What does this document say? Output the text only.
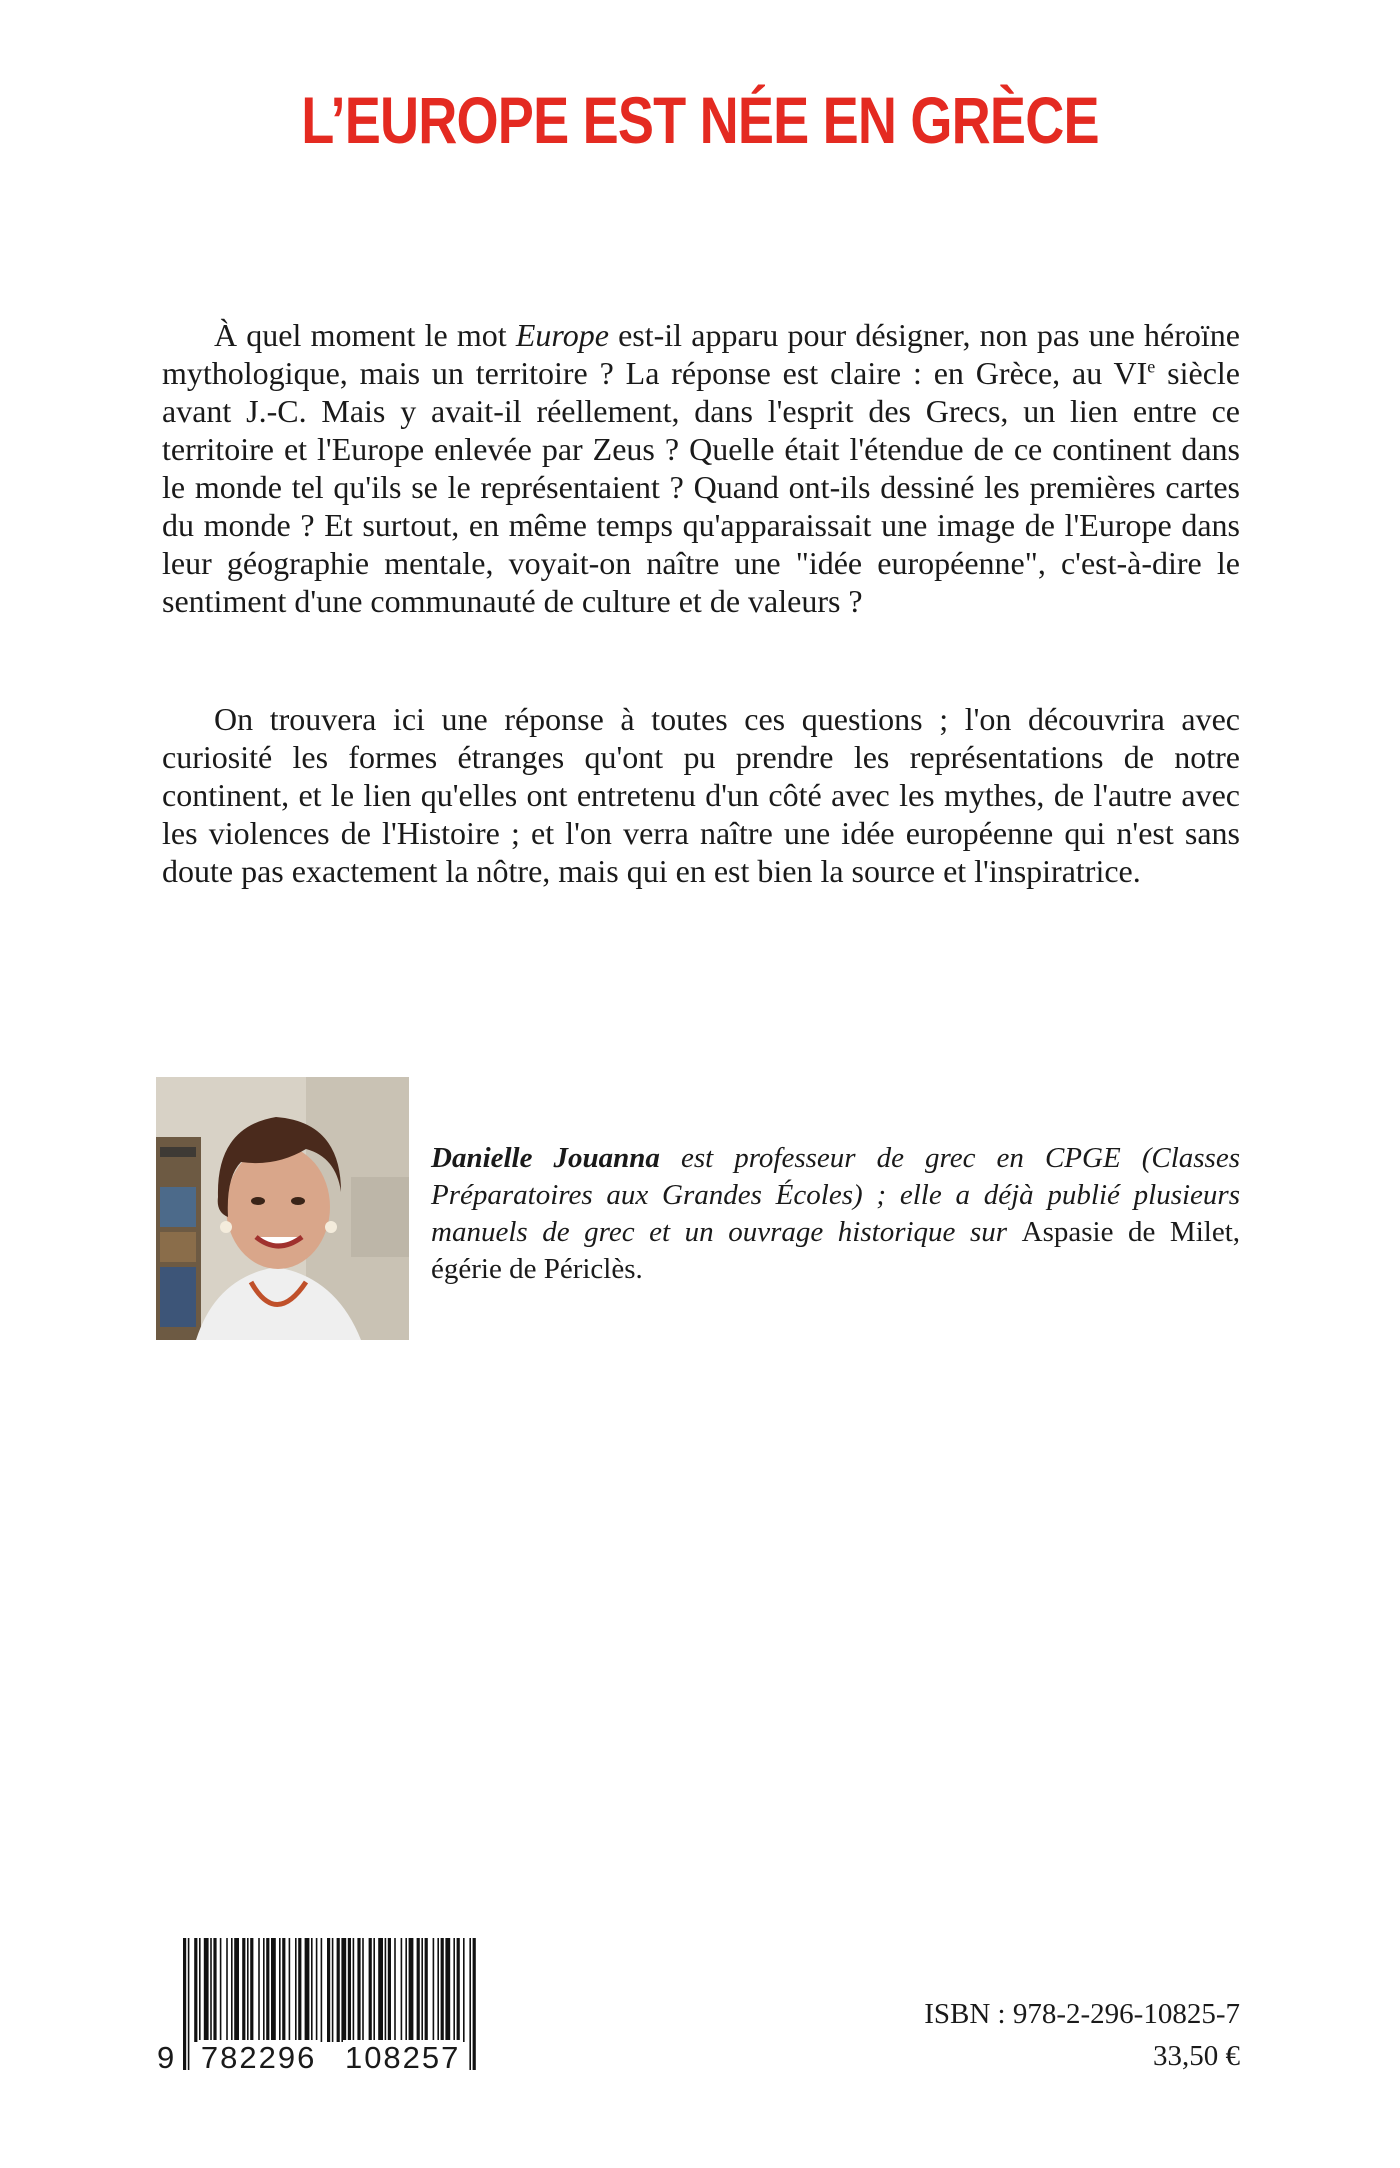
L’EUROPE EST NÉE EN GRÈCE

À quel moment le mot Europe est-il apparu pour désigner, non pas une héroïne mythologique, mais un territoire ? La réponse est claire : en Grèce, au VIe siècle avant J.-C. Mais y avait-il réellement, dans l'esprit des Grecs, un lien entre ce territoire et l'Europe enlevée par Zeus ? Quelle était l'étendue de ce continent dans le monde tel qu'ils se le représentaient ? Quand ont-ils dessiné les premières cartes du monde ? Et surtout, en même temps qu'apparaissait une image de l'Europe dans leur géographie mentale, voyait-on naître une "idée européenne", c'est-à-dire le sentiment d'une communauté de culture et de valeurs ?

On trouvera ici une réponse à toutes ces questions ; l'on découvrira avec curiosité les formes étranges qu'ont pu prendre les représentations de notre continent, et le lien qu'elles ont entretenu d'un côté avec les mythes, de l'autre avec les violences de l'Histoire ; et l'on verra naître une idée européenne qui n'est sans doute pas exactement la nôtre, mais qui en est bien la source et l'inspiratrice.

Danielle Jouanna est professeur de grec en CPGE (Classes Préparatoires aux Grandes Écoles) ; elle a déjà publié plusieurs manuels de grec et un ouvrage historique sur Aspasie de Milet, égérie de Périclès.

9 782296 108257

ISBN : 978-2-296-10825-7

33,50 €
